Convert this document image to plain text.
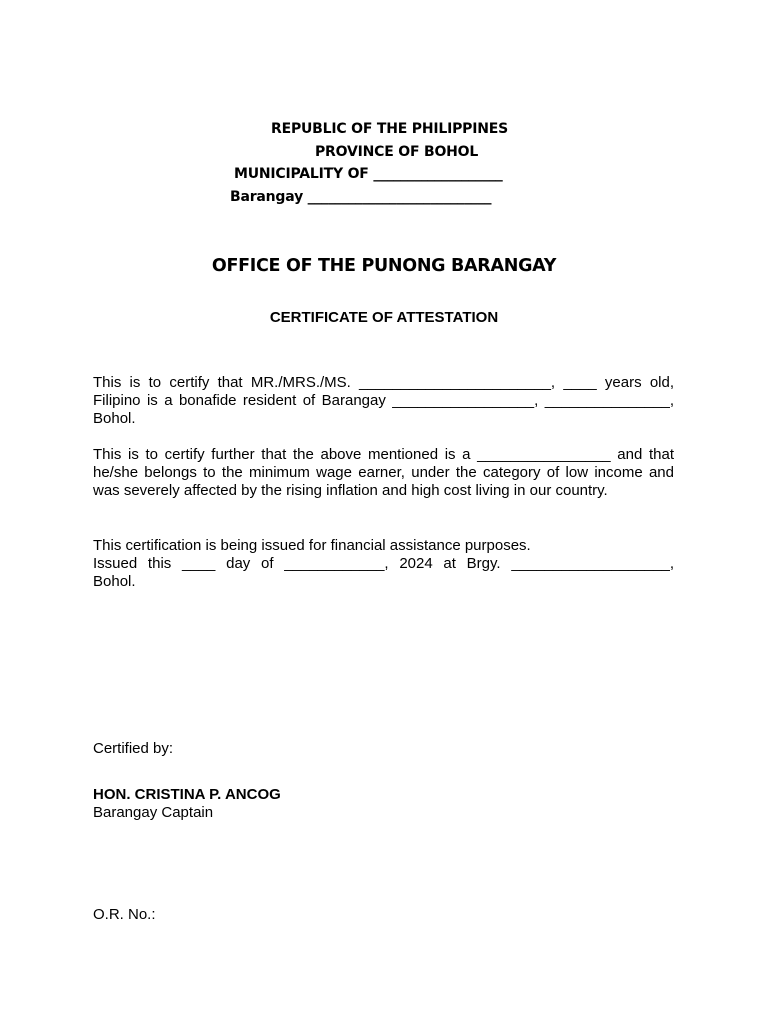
REPUBLIC OF THE PHILIPPINES
PROVINCE OF BOHOL
MUNICIPALITY OF ___________________
Barangay ___________________________
OFFICE OF THE PUNONG BARANGAY
CERTIFICATE OF ATTESTATION
This is to certify that MR./MRS./MS. _______________________, ____ years old,
Filipino is a bonafide resident of Barangay _________________, _______________,
Bohol.
This is to certify further that the above mentioned is a ________________ and that
he/she belongs to the minimum wage earner, under the category of low income and
was severely affected by the rising inflation and high cost living in our country.
This certification is being issued for financial assistance purposes.
Issued this ____ day of ____________, 2024 at Brgy. ___________________,
Bohol.
Certified by:
HON. CRISTINA P. ANCOG
Barangay Captain
O.R. No.:
